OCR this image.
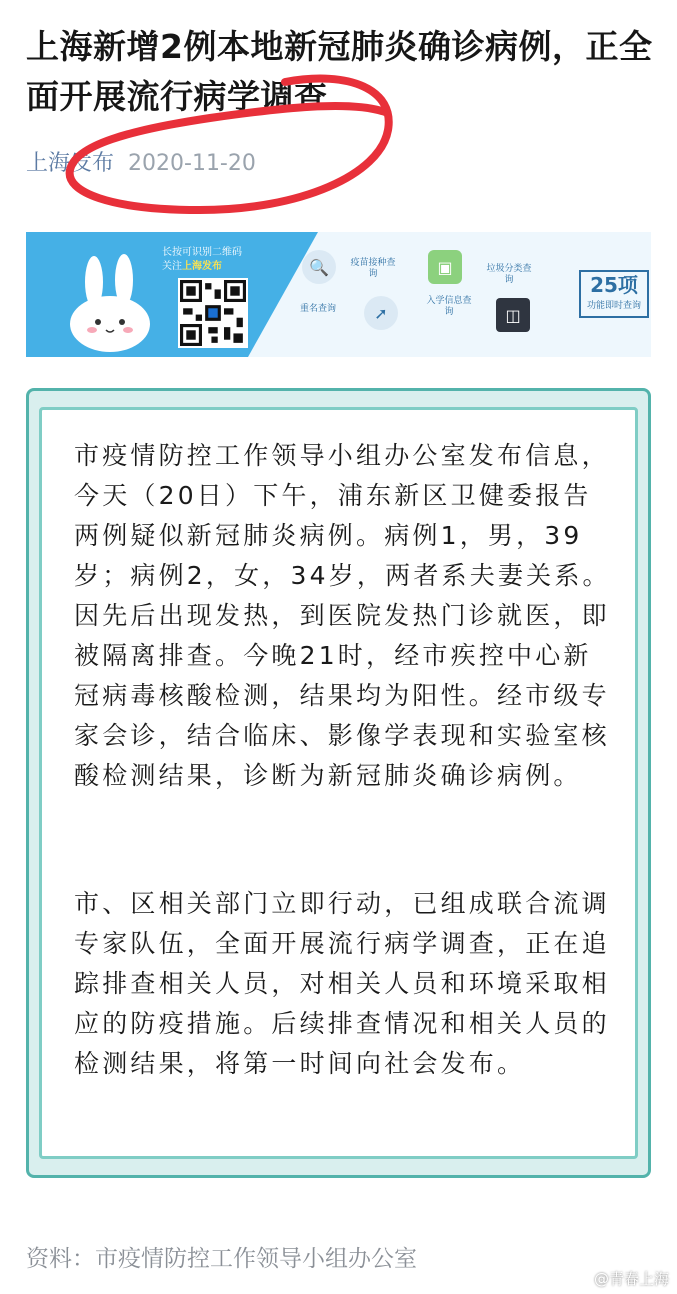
上海新增2例本地新冠肺炎确诊病例，正全面开展流行病学调查
上海发布 2020-11-20
长按可识别二维码
关注上海发布	🔍
重名查询
疫苗接种查询
➚
▣
入学信息查询
垃圾分类查询
◫
25项
功能即时查询

市疫情防控工作领导小组办公室发布信息，今天（20日）下午，浦东新区卫健委报告两例疑似新冠肺炎病例。病例1，男，39岁；病例2，女，34岁，两者系夫妻关系。因先后出现发热，到医院发热门诊就医，即被隔离排查。今晚21时，经市疾控中心新冠病毒核酸检测，结果均为阳性。经市级专家会诊，结合临床、影像学表现和实验室核酸检测结果，诊断为新冠肺炎确诊病例。

市、区相关部门立即行动，已组成联合流调专家队伍，全面开展流行病学调查，正在追踪排查相关人员，对相关人员和环境采取相应的防疫措施。后续排查情况和相关人员的检测结果，将第一时间向社会发布。

资料：市疫情防控工作领导小组办公室
@青春上海
